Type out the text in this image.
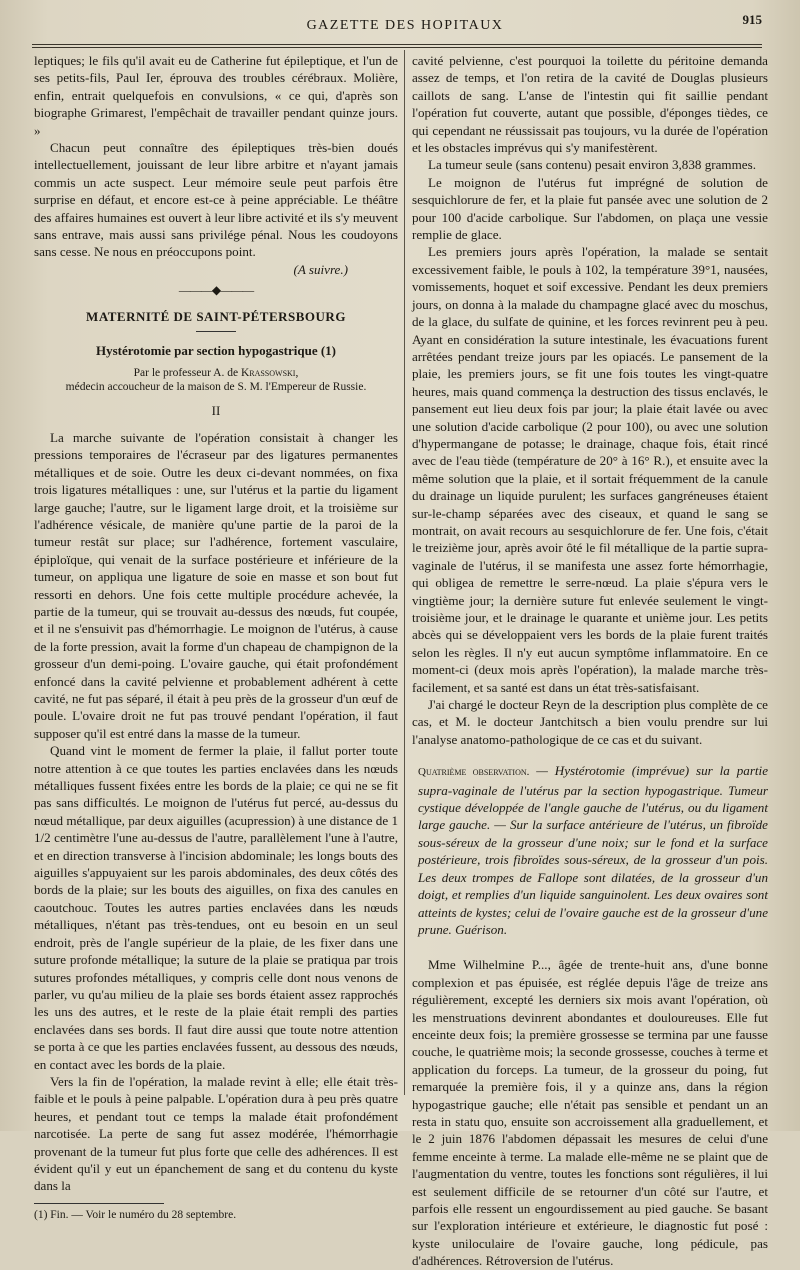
GAZETTE DES HOPITAUX	915

leptiques; le fils qu'il avait eu de Catherine fut épileptique, et l'un de ses petits-fils, Paul Ier, éprouva des troubles cérébraux. Molière, enfin, entrait quelquefois en convulsions, « ce qui, d'après son biographe Grimarest, l'empêchait de travailler pendant quinze jours. »

Chacun peut connaître des épileptiques très-bien doués intellectuellement, jouissant de leur libre arbitre et n'ayant jamais commis un acte suspect. Leur mémoire seule peut parfois être surprise en défaut, et encore est-ce à peine appréciable. Le théâtre des affaires humaines est ouvert à leur libre activité et ils s'y meuvent sans entrave, mais aussi sans privilége pénal. Nous les coudoyons sans cesse. Ne nous en préoccupons point.

(A suivre.)

———◆———
MATERNITÉ DE SAINT-PÉTERSBOURG
Hystérotomie par section hypogastrique (1)
Par le professeur A. de Krassowski,
médecin accoucheur de la maison de S. M. l'Empereur de Russie.
II

La marche suivante de l'opération consistait à changer les pressions temporaires de l'écraseur par des ligatures permanentes métalliques et de soie. Outre les deux ci-devant nommées, on fixa trois ligatures métalliques : une, sur l'utérus et la partie du ligament large gauche; l'autre, sur le ligament large droit, et la troisième sur l'adhérence vésicale, de manière qu'une partie de la paroi de la tumeur restât sur place; sur l'adhérence, fortement vasculaire, épiploïque, qui venait de la surface postérieure et inférieure de la tumeur, on appliqua une ligature de soie en masse et son bout fut ressorti en dehors. Une fois cette multiple procédure achevée, la partie de la tumeur, qui se trouvait au-dessus des nœuds, fut coupée, et il ne s'ensuivit pas d'hémorrhagie. Le moignon de l'utérus, à cause de la forte pression, avait la forme d'un chapeau de champignon de la grosseur d'un demi-poing. L'ovaire gauche, qui était profondément enfoncé dans la cavité pelvienne et probablement adhérent à cette cavité, ne fut pas séparé, il était à peu près de la grosseur d'un œuf de poule. L'ovaire droit ne fut pas trouvé pendant l'opération, il faut supposer qu'il est entré dans la masse de la tumeur.

Quand vint le moment de fermer la plaie, il fallut porter toute notre attention à ce que toutes les parties enclavées dans les nœuds métalliques fussent fixées entre les bords de la plaie; ce qui ne se fit pas sans difficultés. Le moignon de l'utérus fut percé, au-dessus du nœud métallique, par deux aiguilles (acupression) à une distance de 1 1/2 centimètre l'une au-dessus de l'autre, parallèlement l'une à l'autre, et en direction transverse à l'incision abdominale; les longs bouts des aiguilles s'appuyaient sur les parois abdominales, des deux côtés des bords de la plaie; sur les bouts des aiguilles, on fixa des canules en caoutchouc. Toutes les autres parties enclavées dans les nœuds métalliques, n'étant pas très-tendues, ont eu besoin en un seul endroit, près de l'angle supérieur de la plaie, de les fixer dans une suture profonde métallique; la suture de la plaie se pratiqua par trois sutures profondes métalliques, y compris celle dont nous venons de parler, vu qu'au milieu de la plaie ses bords étaient assez rapprochés les uns des autres, et le reste de la plaie était rempli des parties enclavées dans ses bords. Il faut dire aussi que toute notre attention se porta à ce que les parties enclavées fussent, au dessous des nœuds, en contact avec les bords de la plaie.

Vers la fin de l'opération, la malade revint à elle; elle était très-faible et le pouls à peine palpable. L'opération dura à peu près quatre heures, et pendant tout ce temps la malade était profondément narcotisée. La perte de sang fut assez modérée, l'hémorrhagie provenant de la tumeur fut plus forte que celle des adhérences. Il est évident qu'il y eut un épanchement de sang et du contenu du kyste dans la

(1) Fin. — Voir le numéro du 28 septembre.

cavité pelvienne, c'est pourquoi la toilette du péritoine demanda assez de temps, et l'on retira de la cavité de Douglas plusieurs caillots de sang. L'anse de l'intestin qui fit saillie pendant l'opération fut couverte, autant que possible, d'éponges tièdes, ce qui cependant ne réussissait pas toujours, vu la durée de l'opération et les obstacles imprévus qui s'y manifestèrent.

La tumeur seule (sans contenu) pesait environ 3,838 grammes.

Le moignon de l'utérus fut imprégné de solution de sesquichlorure de fer, et la plaie fut pansée avec une solution de 2 pour 100 d'acide carbolique. Sur l'abdomen, on plaça une vessie remplie de glace.

Les premiers jours après l'opération, la malade se sentait excessivement faible, le pouls à 102, la température 39°1, nausées, vomissements, hoquet et soif excessive. Pendant les deux premiers jours, on donna à la malade du champagne glacé avec du moschus, de la glace, du sulfate de quinine, et les forces revinrent peu à peu. Ayant en considération la suture intestinale, les évacuations furent arrêtées pendant treize jours par les opiacés. Le pansement de la plaie, les premiers jours, se fit une fois toutes les vingt-quatre heures, mais quand commença la destruction des tissus enclavés, le pansement eut lieu deux fois par jour; la plaie était lavée ou avec une solution d'acide carbolique (2 pour 100), ou avec une solution d'hypermangane de potasse; le drainage, chaque fois, était rincé avec de l'eau tiède (température de 20° à 16° R.), et ensuite avec la même solution que la plaie, et il sortait fréquemment de la canule du drainage un liquide purulent; les surfaces gangréneuses étaient sur-le-champ séparées avec des ciseaux, et quand le sang se montrait, on avait recours au sesquichlorure de fer. Une fois, c'était le treizième jour, après avoir ôté le fil métallique de la partie supra-vaginale de l'utérus, il se manifesta une assez forte hémorrhagie, qui obligea de remettre le serre-nœud. La plaie s'épura vers le vingtième jour; la dernière suture fut enlevée seulement le vingt-troisième jour, et le drainage le quarante et unième jour. Les petits abcès qui se développaient vers les bords de la plaie furent traités selon les règles. Il n'y eut aucun symptôme inflammatoire. En ce moment-ci (deux mois après l'opération), la malade marche très-facilement, et sa santé est dans un état très-satisfaisant.

J'ai chargé le docteur Reyn de la description plus complète de ce cas, et M. le docteur Jantchitsch a bien voulu prendre sur lui l'analyse anatomo-pathologique de ce cas et du suivant.

Quatrième observation. — Hystérotomie (imprévue) sur la partie supra-vaginale de l'utérus par la section hypogastrique. Tumeur cystique développée de l'angle gauche de l'utérus, ou du ligament large gauche. — Sur la surface antérieure de l'utérus, un fibroïde sous-séreux de la grosseur d'une noix; sur le fond et la surface postérieure, trois fibroïdes sous-séreux, de la grosseur d'un pois. Les deux trompes de Fallope sont dilatées, de la grosseur d'un doigt, et remplies d'un liquide sanguinolent. Les deux ovaires sont atteints de kystes; celui de l'ovaire gauche est de la grosseur d'une prune. Guérison.

Mme Wilhelmine P..., âgée de trente-huit ans, d'une bonne complexion et pas épuisée, est réglée depuis l'âge de treize ans régulièrement, excepté les derniers six mois avant l'opération, où les menstruations devinrent abondantes et douloureuses. Elle fut enceinte deux fois; la première grossesse se termina par une fausse couche, le quatrième mois; la seconde grossesse, couches à terme et application du forceps. La tumeur, de la grosseur du poing, fut remarquée la première fois, il y a quinze ans, dans la région hypogastrique gauche; elle n'était pas sensible et pendant un an resta in statu quo, ensuite son accroissement alla graduellement, et le 2 juin 1876 l'abdomen dépassait les mesures de celui d'une femme enceinte à terme. La malade elle-même ne se plaint que de l'augmentation du ventre, toutes les fonctions sont régulières, il lui est seulement difficile de se retourner d'un côté sur l'autre, et parfois elle ressent un engourdissement au pied gauche. Se basant sur l'exploration intérieure et extérieure, le diagnostic fut posé : kyste uniloculaire de l'ovaire gauche, long pédicule, pas d'adhérences. Rétroversion de l'utérus.
